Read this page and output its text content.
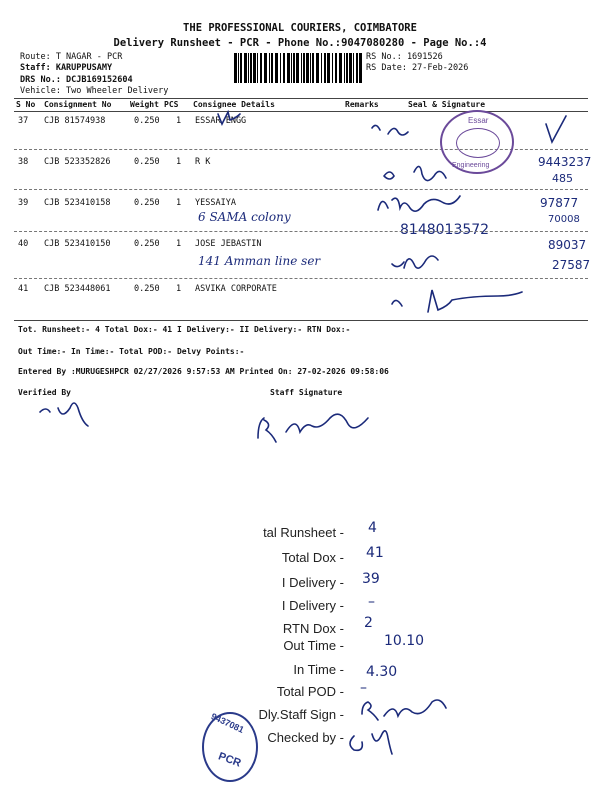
THE PROFESSIONAL COURIERS, COIMBATORE
Delivery Runsheet - PCR - Phone No.:9047080280 - Page No.:4
Route: T NAGAR - PCR
Staff: KARUPPUSAMY
DRS No.: DCJB169152604
Vehicle: Two Wheeler Delivery
RS No.: 1691526
RS Date: 27-Feb-2026
S No Consignment No Weight PCS Consignee Details	Remarks	Seal & Signature
37 CJB 81574938	0.250 1 ESSAR ENGG
38 CJB 523352826	0.250 1 R K	9443237
485
39 CJB 523410158	0.250 1 YESSAIYA
6 SAMA colony
8148013572
97877
70008
40 CJB 523410150	0.250 1 JOSE JEBASTIN
141 Amman line ser
89037
27587
41 CJB 523448061	0.250 1 ASVIKA CORPORATE
Essar
Engineering
Tot. Runsheet:- 4 Total Dox:- 41 I Delivery:- II Delivery:- RTN Dox:-
Out Time:- In Time:- Total POD:- Delvy Points:-
Entered By :MURUGESHPCR 02/27/2026 9:57:53 AM Printed On: 27-02-2026 09:58:06
Verified By	Staff Signature
tal Runsheet - 4
Total Dox - 41
I Delivery - 39
I Delivery - –
RTN Dox - 2
Out Time -	10.10
In Time - 4.30
Total POD - –
Dly.Staff Sign -
Checked by -
9437081
PCR
